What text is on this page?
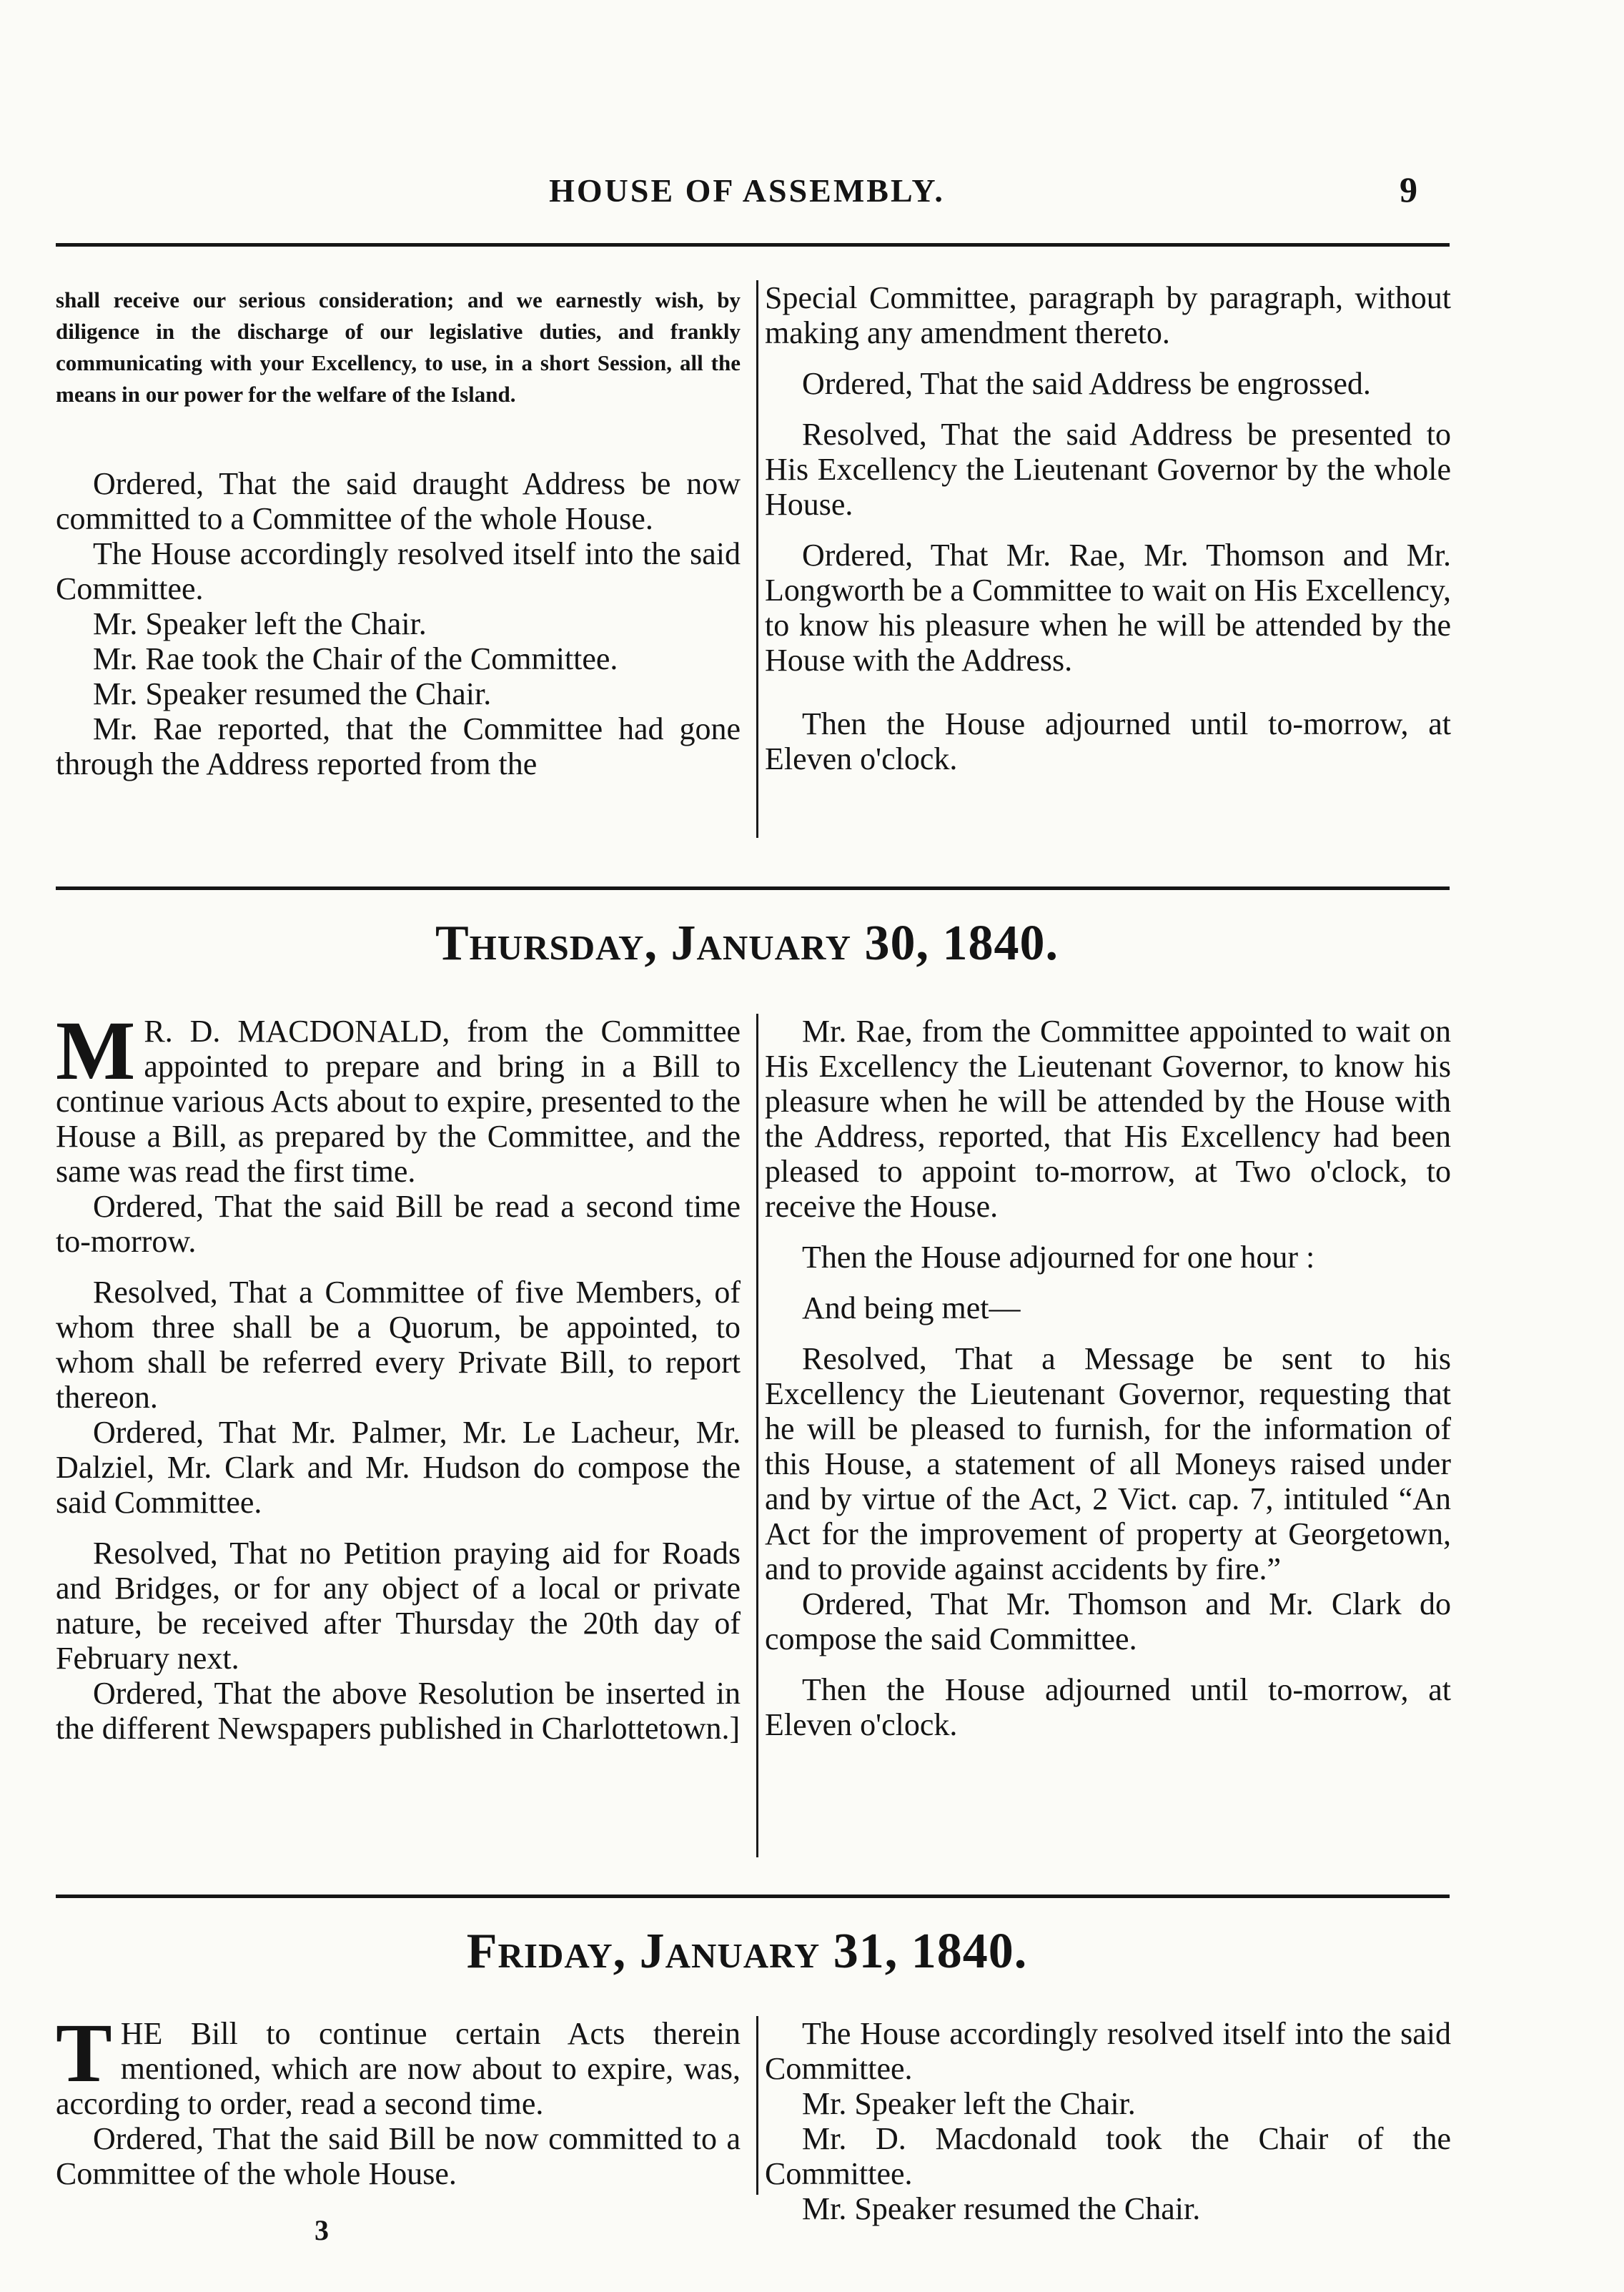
HOUSE OF ASSEMBLY.	9

shall receive our serious consideration; and we earnestly wish, by diligence in the discharge of our legislative duties, and frankly communicating with your Excellency, to use, in a short Session, all the means in our power for the welfare of the Island.

Ordered, That the said draught Address be now committed to a Committee of the whole House.

The House accordingly resolved itself into the said Committee.

Mr. Speaker left the Chair.

Mr. Rae took the Chair of the Committee.

Mr. Speaker resumed the Chair.

Mr. Rae reported, that the Committee had gone through the Address reported from the

Special Committee, paragraph by paragraph, without making any amendment thereto.

Ordered, That the said Address be engrossed.

Resolved, That the said Address be presented to His Excellency the Lieutenant Governor by the whole House.

Ordered, That Mr. Rae, Mr. Thomson and Mr. Longworth be a Committee to wait on His Excellency, to know his pleasure when he will be attended by the House with the Address.

Then the House adjourned until to-morrow, at Eleven o'clock.

Thursday, January 30, 1840.

M R. D. MACDONALD, from the Committee appointed to prepare and bring in a Bill to continue various Acts about to expire, presented to the House a Bill, as prepared by the Committee, and the same was read the first time.

Ordered, That the said Bill be read a second time to-morrow.

Resolved, That a Committee of five Members, of whom three shall be a Quorum, be appointed, to whom shall be referred every Private Bill, to report thereon.

Ordered, That Mr. Palmer, Mr. Le Lacheur, Mr. Dalziel, Mr. Clark and Mr. Hudson do compose the said Committee.

Resolved, That no Petition praying aid for Roads and Bridges, or for any object of a local or private nature, be received after Thursday the 20th day of February next.

Ordered, That the above Resolution be inserted in the different Newspapers published in Charlottetown.]

Mr. Rae, from the Committee appointed to wait on His Excellency the Lieutenant Governor, to know his pleasure when he will be attended by the House with the Address, reported, that His Excellency had been pleased to appoint to-morrow, at Two o'clock, to receive the House.

Then the House adjourned for one hour :

And being met—

Resolved, That a Message be sent to his Excellency the Lieutenant Governor, requesting that he will be pleased to furnish, for the information of this House, a statement of all Moneys raised under and by virtue of the Act, 2 Vict. cap. 7, intituled “An Act for the improvement of property at Georgetown, and to provide against accidents by fire.”

Ordered, That Mr. Thomson and Mr. Clark do compose the said Committee.

Then the House adjourned until to-morrow, at Eleven o'clock.

Friday, January 31, 1840.

THE Bill to continue certain Acts therein mentioned, which are now about to expire, was, according to order, read a second time.

Ordered, That the said Bill be now committed to a Committee of the whole House.

The House accordingly resolved itself into the said Committee.

Mr. Speaker left the Chair.

Mr. D. Macdonald took the Chair of the Committee.

Mr. Speaker resumed the Chair.

3
